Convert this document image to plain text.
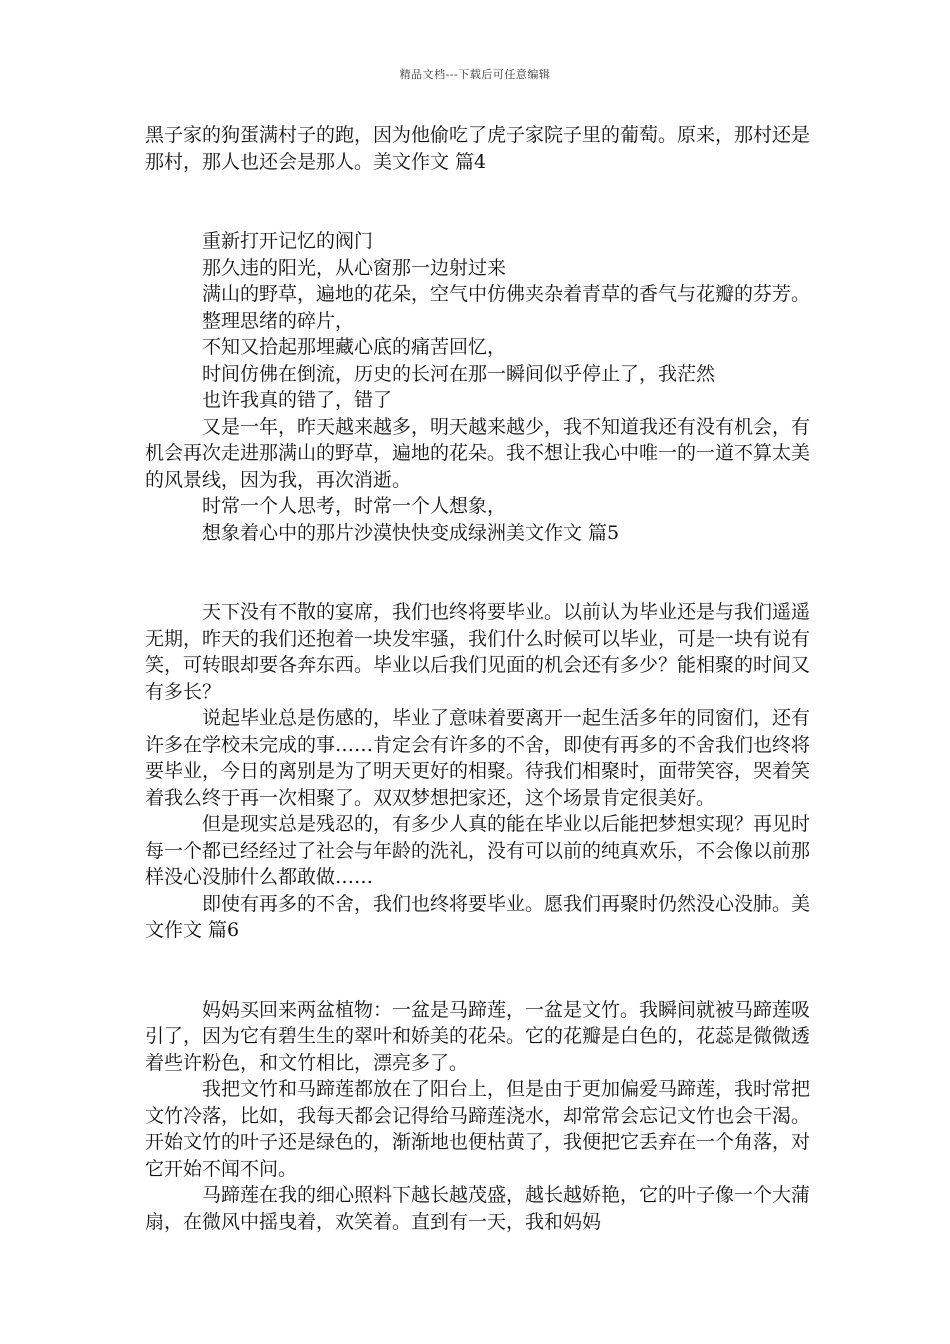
精品文档---下载后可任意编辑

黑子家的狗蛋满村子的跑，因为他偷吃了虎子家院子里的葡萄。原来，那村还是那村，那人也还会是那人。美文作文 篇4

重新打开记忆的阀门

那久违的阳光，从心窗那一边射过来

满山的野草，遍地的花朵，空气中仿佛夹杂着青草的香气与花瓣的芬芳。

整理思绪的碎片，

不知又拾起那埋藏心底的痛苦回忆，

时间仿佛在倒流，历史的长河在那一瞬间似乎停止了，我茫然

也许我真的错了，错了

又是一年，昨天越来越多，明天越来越少，我不知道我还有没有机会，有机会再次走进那满山的野草，遍地的花朵。我不想让我心中唯一的一道不算太美的风景线，因为我，再次消逝。

时常一个人思考，时常一个人想象，

想象着心中的那片沙漠快快变成绿洲美文作文 篇5

天下没有不散的宴席，我们也终将要毕业。以前认为毕业还是与我们遥遥无期，昨天的我们还抱着一块发牢骚，我们什么时候可以毕业，可是一块有说有笑，可转眼却要各奔东西。毕业以后我们见面的机会还有多少？能相聚的时间又有多长？

说起毕业总是伤感的，毕业了意味着要离开一起生活多年的同窗们，还有许多在学校未完成的事……肯定会有许多的不舍，即使有再多的不舍我们也终将要毕业，今日的离别是为了明天更好的相聚。待我们相聚时，面带笑容，哭着笑着我么终于再一次相聚了。双双梦想把家还，这个场景肯定很美好。

但是现实总是残忍的，有多少人真的能在毕业以后能把梦想实现？再见时每一个都已经经过了社会与年龄的洗礼，没有可以前的纯真欢乐，不会像以前那样没心没肺什么都敢做……

即使有再多的不舍，我们也终将要毕业。愿我们再聚时仍然没心没肺。美文作文 篇6

妈妈买回来两盆植物：一盆是马蹄莲，一盆是文竹。我瞬间就被马蹄莲吸引了，因为它有碧生生的翠叶和娇美的花朵。它的花瓣是白色的，花蕊是微微透着些许粉色，和文竹相比，漂亮多了。

我把文竹和马蹄莲都放在了阳台上，但是由于更加偏爱马蹄莲，我时常把文竹冷落，比如，我每天都会记得给马蹄莲浇水，却常常会忘记文竹也会干渴。开始文竹的叶子还是绿色的，渐渐地也便枯黄了，我便把它丢弃在一个角落，对它开始不闻不问。

马蹄莲在我的细心照料下越长越茂盛，越长越娇艳，它的叶子像一个大蒲扇，在微风中摇曳着，欢笑着。直到有一天，我和妈妈
